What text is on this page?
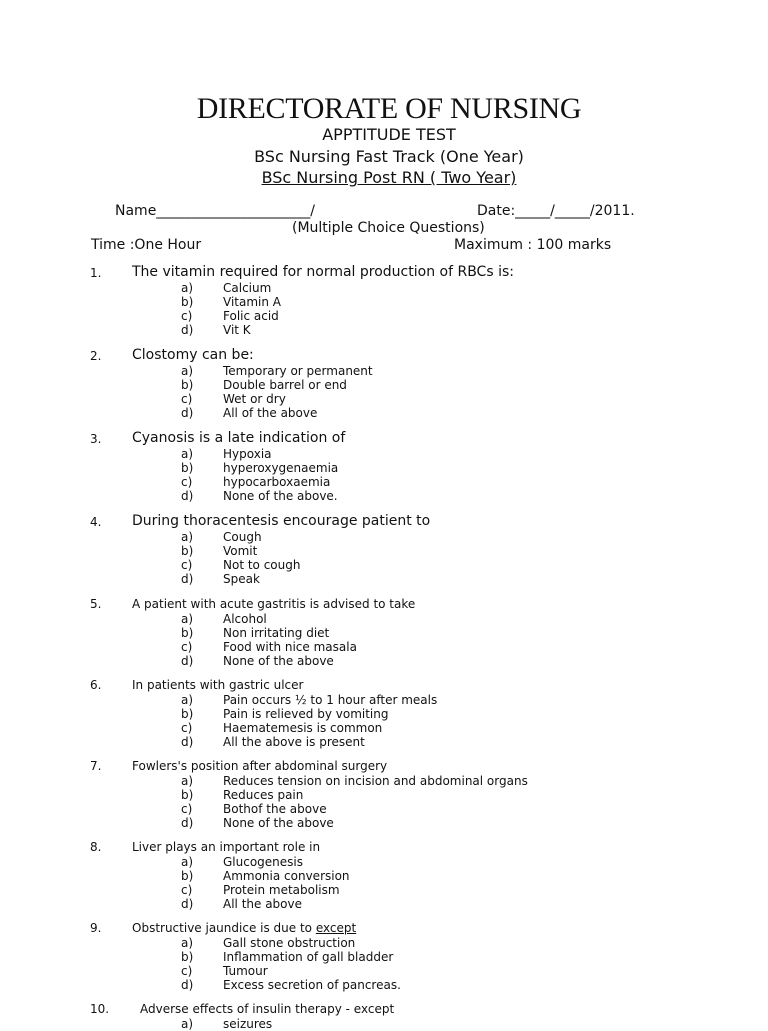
DIRECTORATE OF NURSING
APPTITUDE TEST
BSc Nursing Fast Track (One Year)
BSc Nursing Post RN ( Two Year)
Name______________________/	Date:_____/_____/2011.
(Multiple Choice Questions)
Time :One Hour	Maximum : 100 marks
1. The vitamin required for normal production of RBCs is:
a) Calcium
b) Vitamin A
c)	Folic acid
d) Vit K
2. Clostomy can be:
a) Temporary or permanent
b) Double barrel or end
c)	Wet or dry
d) All of the above
3. Cyanosis is a late indication of
a) Hypoxia
b) hyperoxygenaemia
c)	hypocarboxaemia
d) None of the above.
4. During thoracentesis encourage patient to
a) Cough
b) Vomit
c)	Not to cough
d) Speak
5.	A patient with acute gastritis is advised to take
a) Alcohol
b) Non irritating diet
c)	Food with nice masala
d) None of the above
6.	In patients with gastric ulcer
a) Pain occurs ½ to 1 hour after meals
b) Pain is relieved by vomiting
c)	Haematemesis is common
d) All the above is present
7.	Fowlers's position after abdominal surgery
a) Reduces tension on incision and abdominal organs
b) Reduces pain
c)	Bothof the above
d) None of the above
8.	Liver plays an important role in
a) Glucogenesis
b) Ammonia conversion
c)	Protein metabolism
d) All the above
9.	Obstructive jaundice is due to except
a) Gall stone obstruction
b) Inflammation of gall bladder
c)	Tumour
d) Excess secretion of pancreas.
10.	Adverse effects of insulin therapy - except
a) seizures
